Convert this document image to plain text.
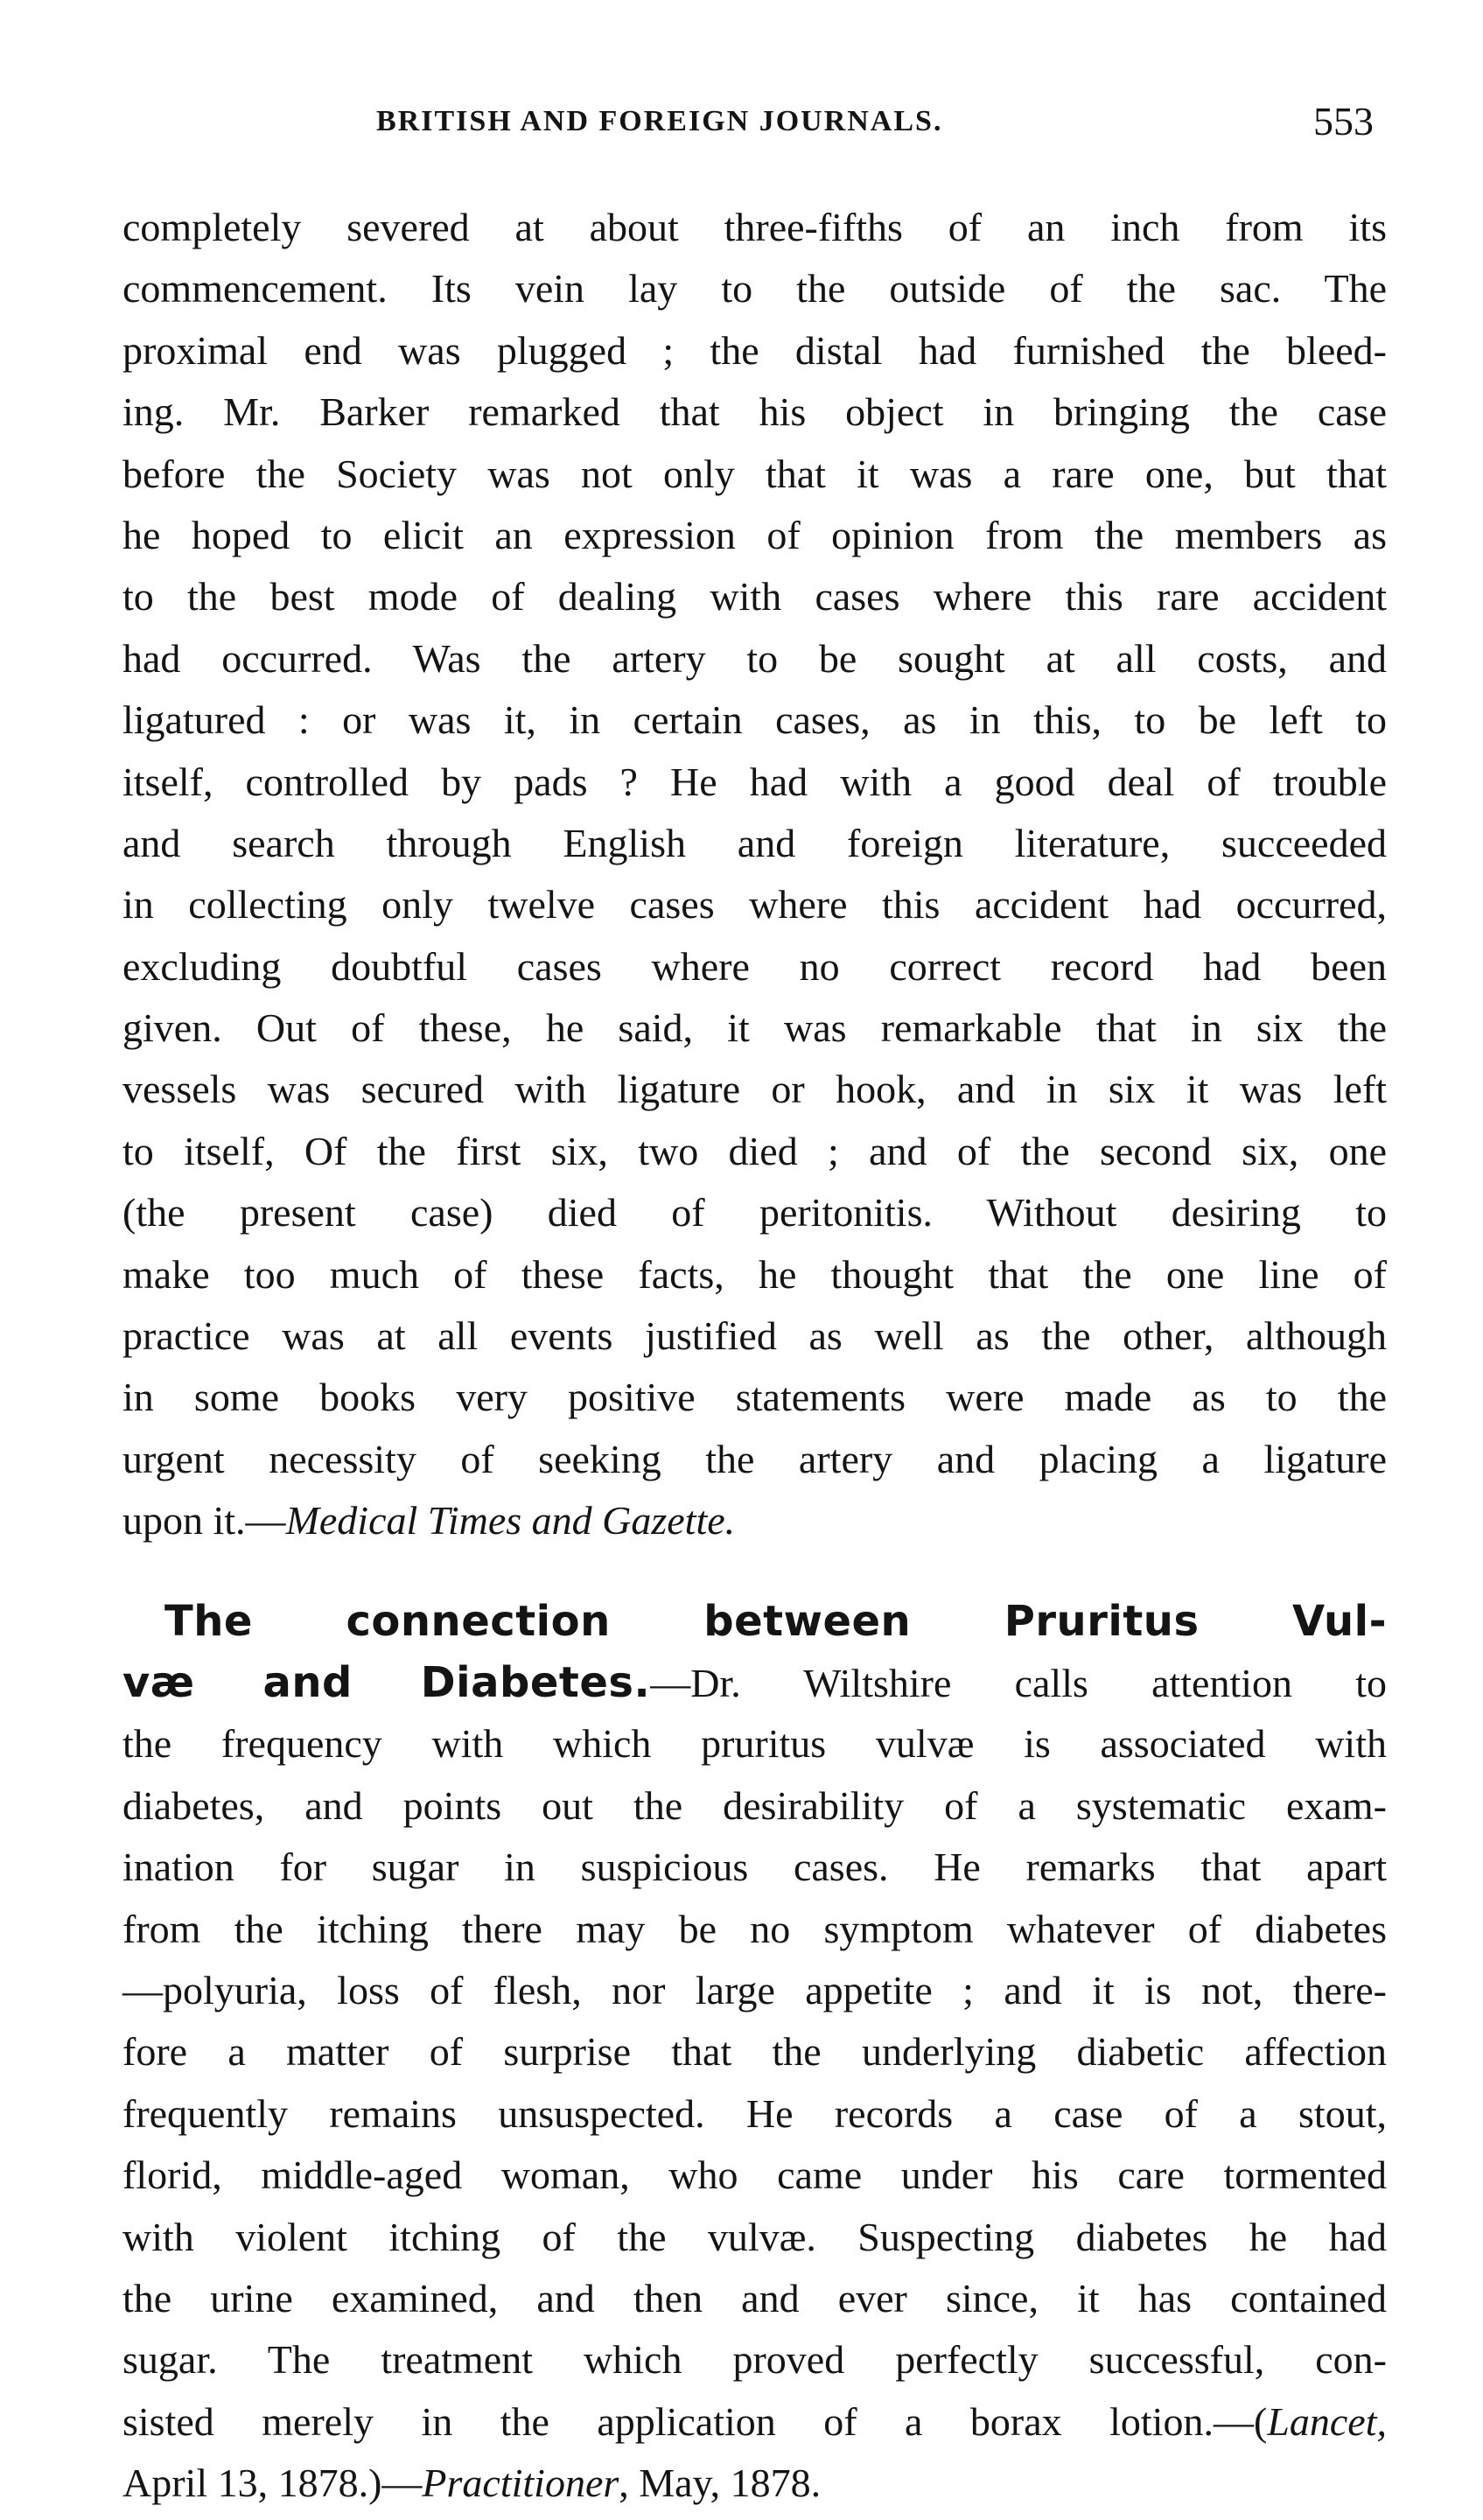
BRITISH AND FOREIGN JOURNALS.	553
completely severed at about three-fifths of an inch from its
commencement. Its vein lay to the outside of the sac. The
proximal end was plugged ; the distal had furnished the bleed-
ing. Mr. Barker remarked that his object in bringing the case
before the Society was not only that it was a rare one, but that
he hoped to elicit an expression of opinion from the members as
to the best mode of dealing with cases where this rare accident
had occurred. Was the artery to be sought at all costs, and
ligatured : or was it, in certain cases, as in this, to be left to
itself, controlled by pads ? He had with a good deal of trouble
and search through English and foreign literature, succeeded
in collecting only twelve cases where this accident had occurred,
excluding doubtful cases where no correct record had been
given. Out of these, he said, it was remarkable that in six the
vessels was secured with ligature or hook, and in six it was left
to itself, Of the first six, two died ; and of the second six, one
(the present case) died of peritonitis. Without desiring to
make too much of these facts, he thought that the one line of
practice was at all events justified as well as the other, although
in some books very positive statements were made as to the
urgent necessity of seeking the artery and placing a ligature
upon it.—Medical Times and Gazette.
The connection between Pruritus Vul-
væ and Diabetes.—Dr. Wiltshire calls attention to
the frequency with which pruritus vulvæ is associated with
diabetes, and points out the desirability of a systematic exam-
ination for sugar in suspicious cases. He remarks that apart
from the itching there may be no symptom whatever of diabetes
—polyuria, loss of flesh, nor large appetite ; and it is not, there-
fore a matter of surprise that the underlying diabetic affection
frequently remains unsuspected. He records a case of a stout,
florid, middle-aged woman, who came under his care tormented
with violent itching of the vulvæ. Suspecting diabetes he had
the urine examined, and then and ever since, it has contained
sugar. The treatment which proved perfectly successful, con-
sisted merely in the application of a borax lotion.—(Lancet,
April 13, 1878.)—Practitioner, May, 1878.
